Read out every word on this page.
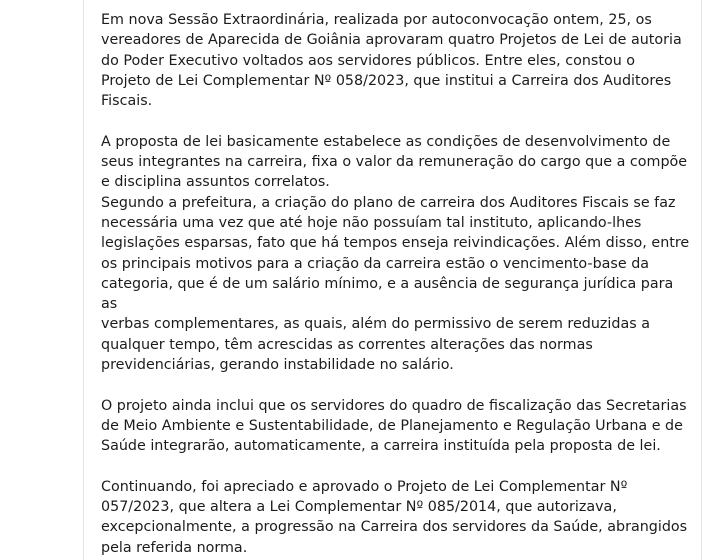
Em nova Sessão Extraordinária, realizada por autoconvocação ontem, 25, os
vereadores de Aparecida de Goiânia aprovaram quatro Projetos de Lei de autoria
do Poder Executivo voltados aos servidores públicos. Entre eles, constou o
Projeto de Lei Complementar Nº 058/2023, que institui a Carreira dos Auditores
Fiscais.

A proposta de lei basicamente estabelece as condições de desenvolvimento de
seus integrantes na carreira, fixa o valor da remuneração do cargo que a compõe
e disciplina assuntos correlatos.

Segundo a prefeitura, a criação do plano de carreira dos Auditores Fiscais se faz
necessária uma vez que até hoje não possuíam tal instituto, aplicando-lhes
legislações esparsas, fato que há tempos enseja reivindicações. Além disso, entre
os principais motivos para a criação da carreira estão o vencimento-base da
categoria, que é de um salário mínimo, e a ausência de segurança jurídica para as
verbas complementares, as quais, além do permissivo de serem reduzidas a
qualquer tempo, têm acrescidas as correntes alterações das normas
previdenciárias, gerando instabilidade no salário.

O projeto ainda inclui que os servidores do quadro de fiscalização das Secretarias
de Meio Ambiente e Sustentabilidade, de Planejamento e Regulação Urbana e de
Saúde integrarão, automaticamente, a carreira instituída pela proposta de lei.

Continuando, foi apreciado e aprovado o Projeto de Lei Complementar Nº
057/2023, que altera a Lei Complementar Nº 085/2014, que autorizava,
excepcionalmente, a progressão na Carreira dos servidores da Saúde, abrangidos
pela referida norma.
